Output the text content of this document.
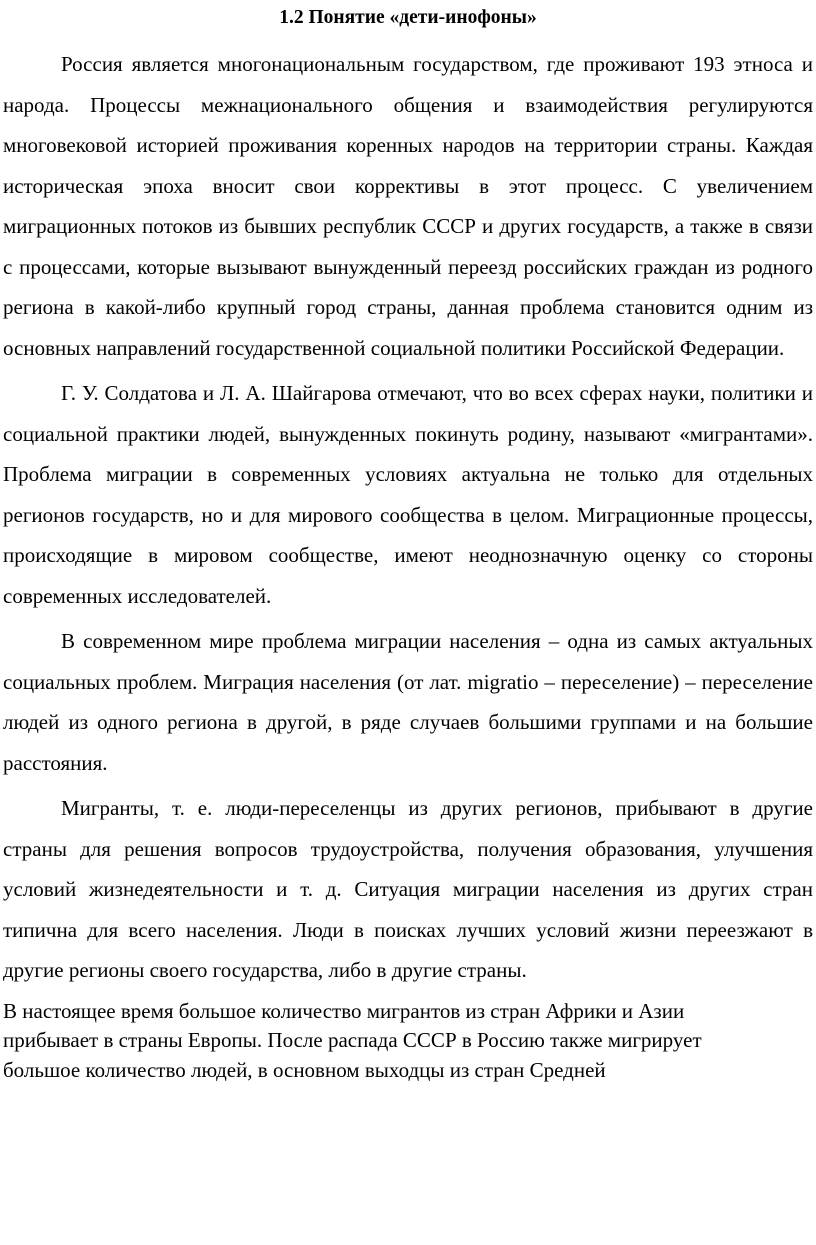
1.2 Понятие «дети-инофоны»

Россия является многонациональным государством, где проживают 193 этноса и народа. Процессы межнационального общения и взаимодействия регулируются многовековой историей проживания коренных народов на территории страны. Каждая историческая эпоха вносит свои коррективы в этот процесс. С увеличением миграционных потоков из бывших республик СССР и других государств, а также в связи с процессами, которые вызывают вынужденный переезд российских граждан из родного региона в какой-либо крупный город страны, данная проблема становится одним из основных направлений государственной социальной политики Российской Федерации.

Г. У. Солдатова и Л. А. Шайгарова отмечают, что во всех сферах науки, политики и социальной практики людей, вынужденных покинуть родину, называют «мигрантами». Проблема миграции в современных условиях актуальна не только для отдельных регионов государств, но и для мирового сообщества в целом. Миграционные процессы, происходящие в мировом сообществе, имеют неоднозначную оценку со стороны современных исследователей.

В современном мире проблема миграции населения – одна из самых актуальных социальных проблем. Миграция населения (от лат. migratio – переселение) – переселение людей из одного региона в другой, в ряде случаев большими группами и на большие расстояния.

Мигранты, т. е. люди-переселенцы из других регионов, прибывают в другие страны для решения вопросов трудоустройства, получения образования, улучшения условий жизнедеятельности и т. д. Ситуация миграции населения из других стран типична для всего населения. Люди в поисках лучших условий жизни переезжают в другие регионы своего государства, либо в другие страны.

В настоящее время большое количество мигрантов из стран Африки и Азии
прибывает в страны Европы. После распада СССР в Россию также мигрирует
большое количество людей, в основном выходцы из стран Средней
